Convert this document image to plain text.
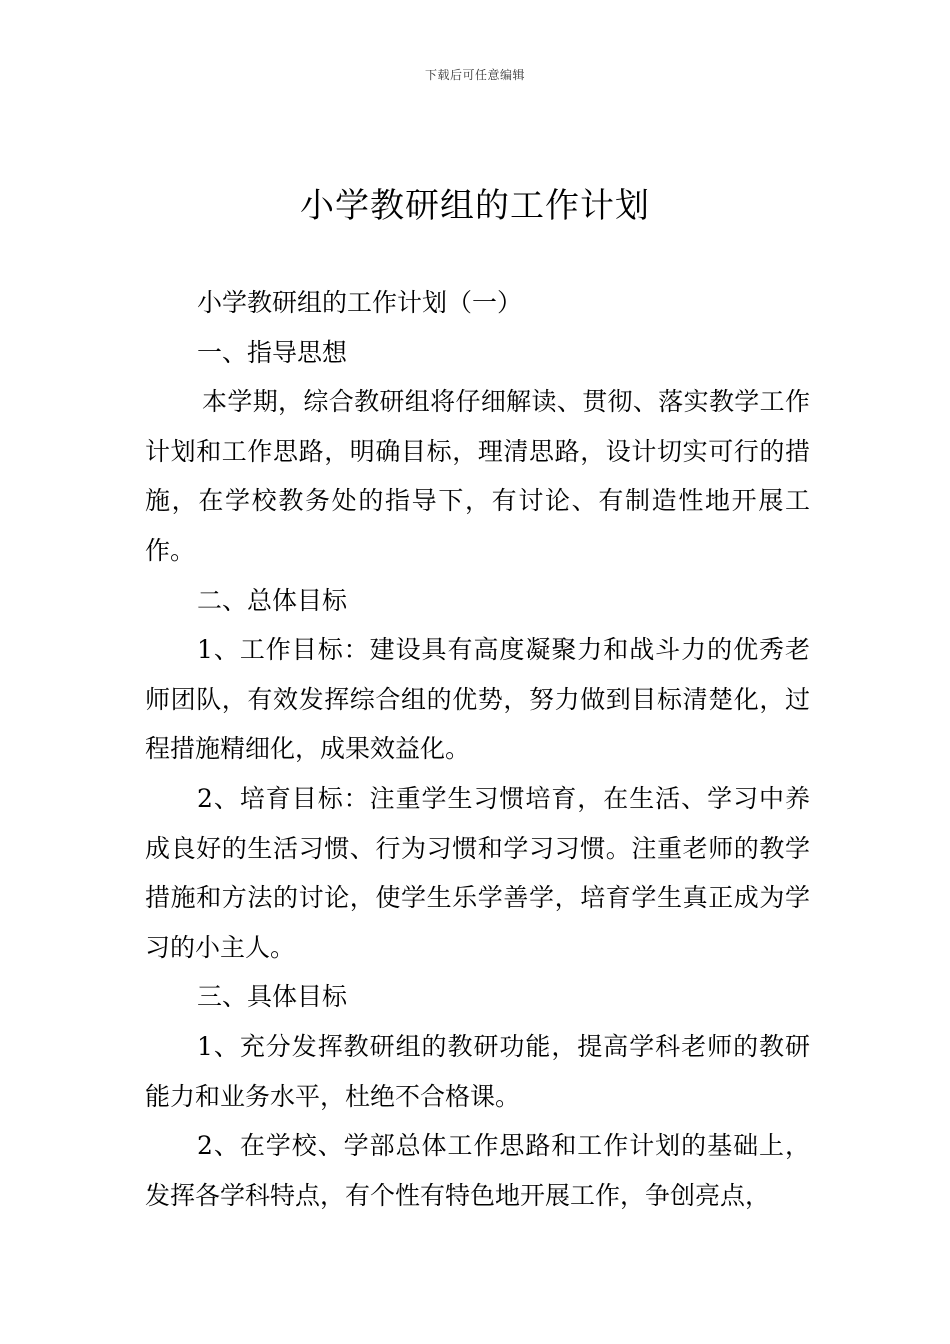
下载后可任意编辑
小学教研组的工作计划

小学教研组的工作计划（一）

一、指导思想

本学期，综合教研组将仔细解读、贯彻、落实教学工作计划和工作思路，明确目标，理清思路，设计切实可行的措施，在学校教务处的指导下，有讨论、有制造性地开展工作。

二、总体目标

1、工作目标：建设具有高度凝聚力和战斗力的优秀老师团队，有效发挥综合组的优势，努力做到目标清楚化，过程措施精细化，成果效益化。

2、培育目标：注重学生习惯培育，在生活、学习中养成良好的生活习惯、行为习惯和学习习惯。注重老师的教学措施和方法的讨论，使学生乐学善学，培育学生真正成为学习的小主人。

三、具体目标

1、充分发挥教研组的教研功能，提高学科老师的教研能力和业务水平，杜绝不合格课。

2、在学校、学部总体工作思路和工作计划的基础上，发挥各学科特点，有个性有特色地开展工作，争创亮点，
